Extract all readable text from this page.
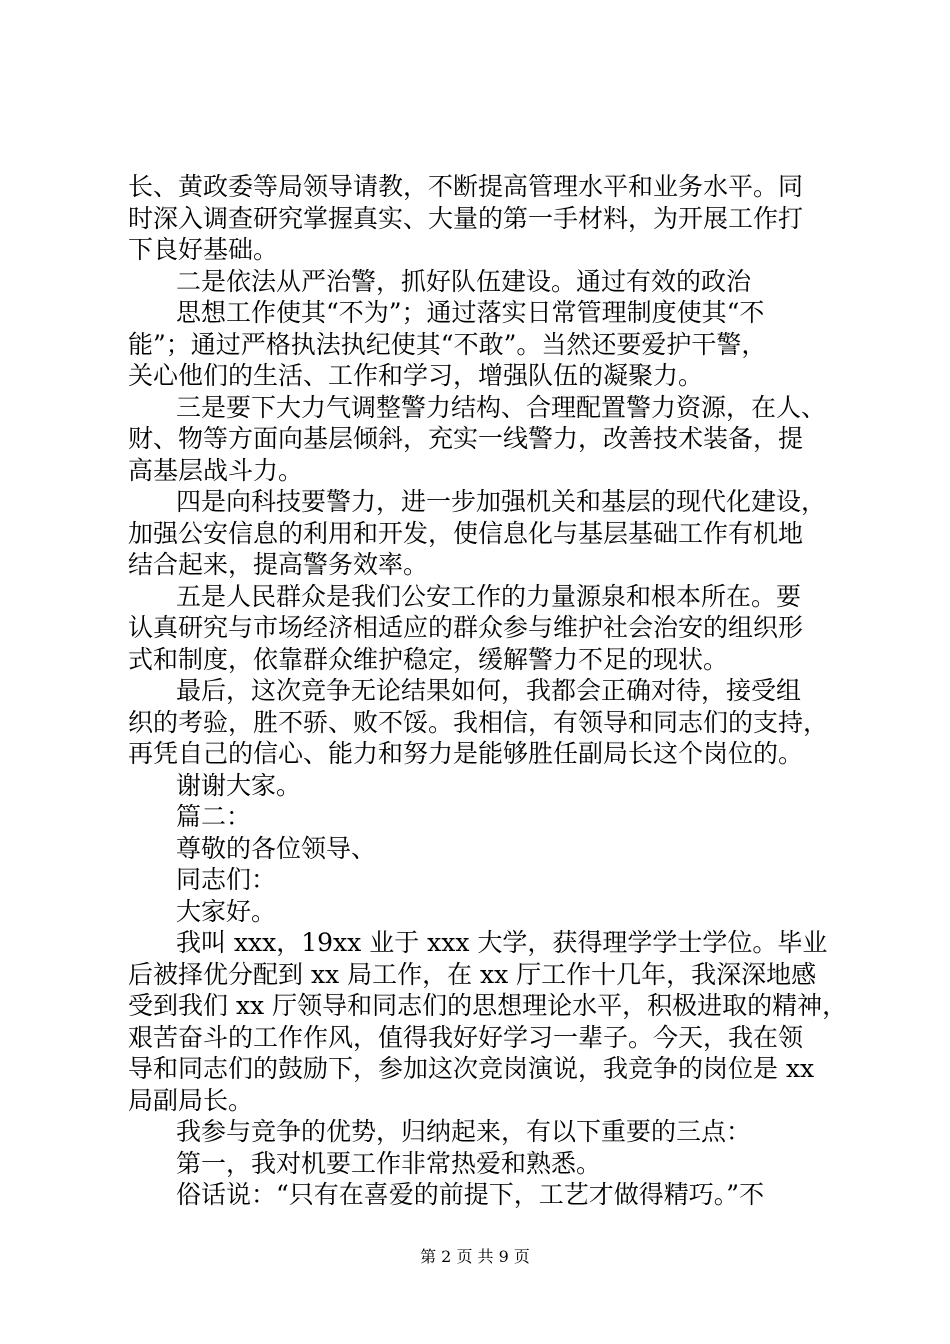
长、黄政委等局领导请教，不断提高管理水平和业务水平。同
时深入调查研究掌握真实、大量的第一手材料，为开展工作打
下良好基础。
二是依法从严治警，抓好队伍建设。通过有效的政治
思想工作使其“不为”；通过落实日常管理制度使其“不
能”；通过严格执法执纪使其“不敢”。当然还要爱护干警，
关心他们的生活、工作和学习，增强队伍的凝聚力。
三是要下大力气调整警力结构、合理配置警力资源，在人、
财、物等方面向基层倾斜，充实一线警力，改善技术装备，提
高基层战斗力。
四是向科技要警力，进一步加强机关和基层的现代化建设，
加强公安信息的利用和开发，使信息化与基层基础工作有机地
结合起来，提高警务效率。
五是人民群众是我们公安工作的力量源泉和根本所在。要
认真研究与市场经济相适应的群众参与维护社会治安的组织形
式和制度，依靠群众维护稳定，缓解警力不足的现状。
最后，这次竞争无论结果如何，我都会正确对待，接受组
织的考验，胜不骄、败不馁。我相信，有领导和同志们的支持，
再凭自己的信心、能力和努力是能够胜任副局长这个岗位的。
谢谢大家。
篇二：
尊敬的各位领导、
同志们：
大家好。
我叫 xxx，19xx 业于 xxx 大学，获得理学学士学位。毕业
后被择优分配到 xx 局工作，在 xx 厅工作十几年，我深深地感
受到我们 xx 厅领导和同志们的思想理论水平，积极进取的精神，
艰苦奋斗的工作作风，值得我好好学习一辈子。今天，我在领
导和同志们的鼓励下，参加这次竞岗演说，我竞争的岗位是 xx
局副局长。
我参与竞争的优势，归纳起来，有以下重要的三点：
第一，我对机要工作非常热爱和熟悉。
俗话说：“只有在喜爱的前提下，工艺才做得精巧。”不
第 2 页 共 9 页
